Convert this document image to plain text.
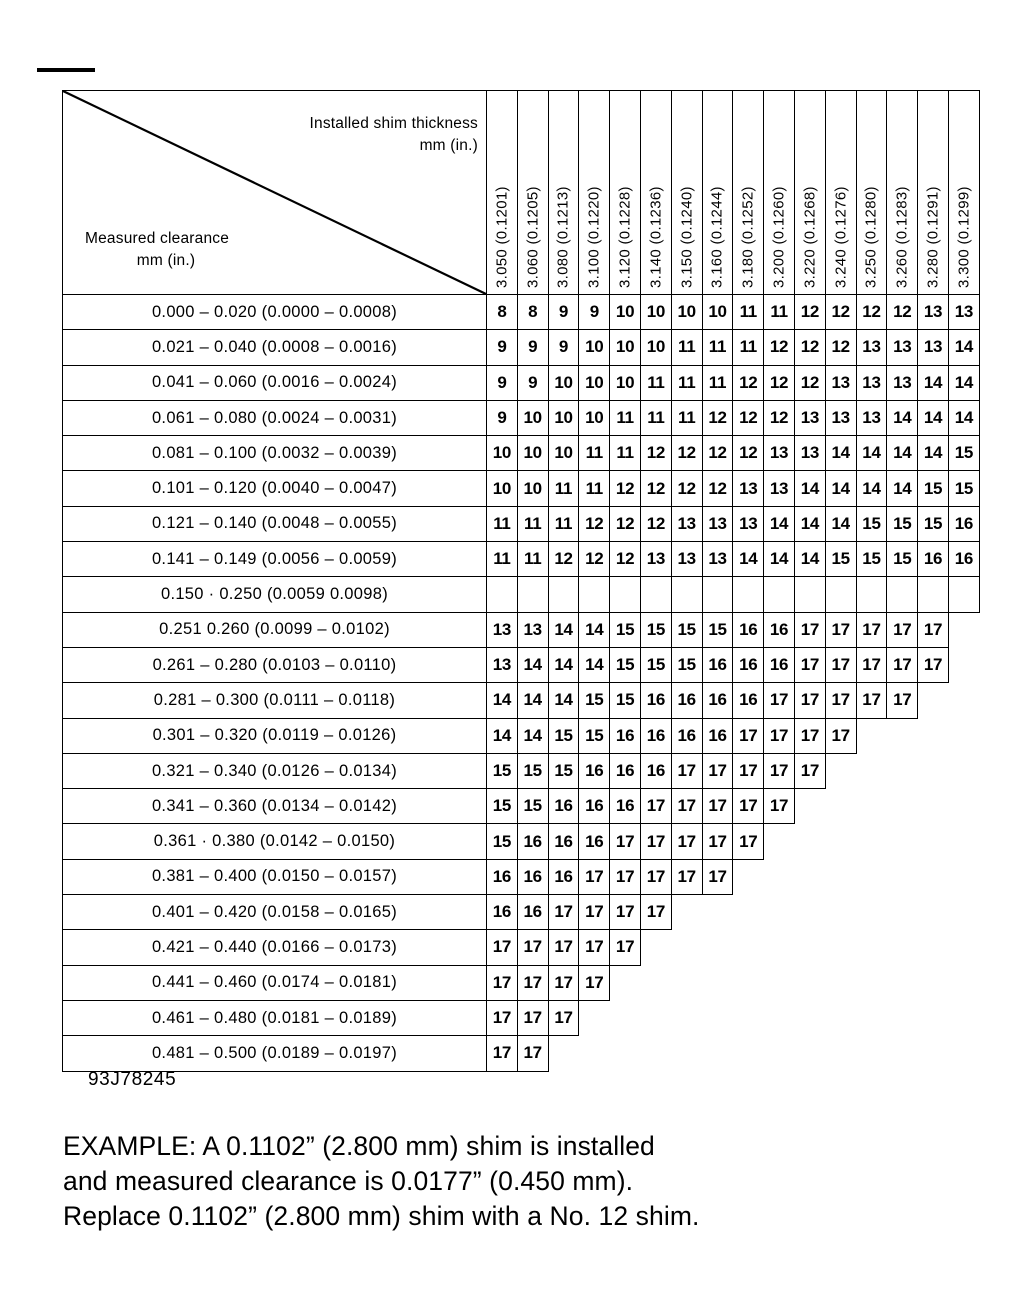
Installed shim thickness
mm (in.)
Measured clearance
mm (in.)	3.050 (0.1201)	3.060 (0.1205)	3.080 (0.1213)	3.100 (0.1220)	3.120 (0.1228)	3.140 (0.1236)	3.150 (0.1240)	3.160 (0.1244)	3.180 (0.1252)	3.200 (0.1260)	3.220 (0.1268)	3.240 (0.1276)	3.250 (0.1280)	3.260 (0.1283)	3.280 (0.1291)	3.300 (0.1299)

0.000 – 0.020 (0.0000 – 0.0008)	8	8	9	9	10	10	10	10	11	11	12	12	12	12	13	13
0.021 – 0.040 (0.0008 – 0.0016)	9	9	9	10	10	10	11	11	11	12	12	12	13	13	13	14
0.041 – 0.060 (0.0016 – 0.0024)	9	9	10	10	10	11	11	11	12	12	12	13	13	13	14	14
0.061 – 0.080 (0.0024 – 0.0031)	9	10	10	10	11	11	11	12	12	12	13	13	13	14	14	14
0.081 – 0.100 (0.0032 – 0.0039)	10	10	10	11	11	12	12	12	12	13	13	14	14	14	14	15
0.101 – 0.120 (0.0040 – 0.0047)	10	10	11	11	12	12	12	12	13	13	14	14	14	14	15	15
0.121 – 0.140 (0.0048 – 0.0055)	11	11	11	12	12	12	13	13	13	14	14	14	15	15	15	16
0.141 – 0.149 (0.0056 – 0.0059)	11	11	12	12	12	13	13	13	14	14	14	15	15	15	16	16
0.150 · 0.250 (0.0059 0.0098)																
0.251 0.260 (0.0099 – 0.0102)	13	13	14	14	15	15	15	15	16	16	17	17	17	17	17	
0.261 – 0.280 (0.0103 – 0.0110)	13	14	14	14	15	15	15	16	16	16	17	17	17	17	17	
0.281 – 0.300 (0.0111 – 0.0118)	14	14	14	15	15	16	16	16	16	17	17	17	17	17		
0.301 – 0.320 (0.0119 – 0.0126)	14	14	15	15	16	16	16	16	17	17	17	17				
0.321 – 0.340 (0.0126 – 0.0134)	15	15	15	16	16	16	17	17	17	17	17					
0.341 – 0.360 (0.0134 – 0.0142)	15	15	16	16	16	17	17	17	17	17						
0.361 · 0.380 (0.0142 – 0.0150)	15	16	16	16	17	17	17	17	17							
0.381 – 0.400 (0.0150 – 0.0157)	16	16	16	17	17	17	17	17								
0.401 – 0.420 (0.0158 – 0.0165)	16	16	17	17	17	17										
0.421 – 0.440 (0.0166 – 0.0173)	17	17	17	17	17											
0.441 – 0.460 (0.0174 – 0.0181)	17	17	17	17												
0.461 – 0.480 (0.0181 – 0.0189)	17	17	17													
0.481 – 0.500 (0.0189 – 0.0197)	17	17														
93J78245
EXAMPLE: A 0.1102” (2.800 mm) shim is installed
and measured clearance is 0.0177” (0.450 mm).
Replace 0.1102” (2.800 mm) shim with a No. 12 shim.
